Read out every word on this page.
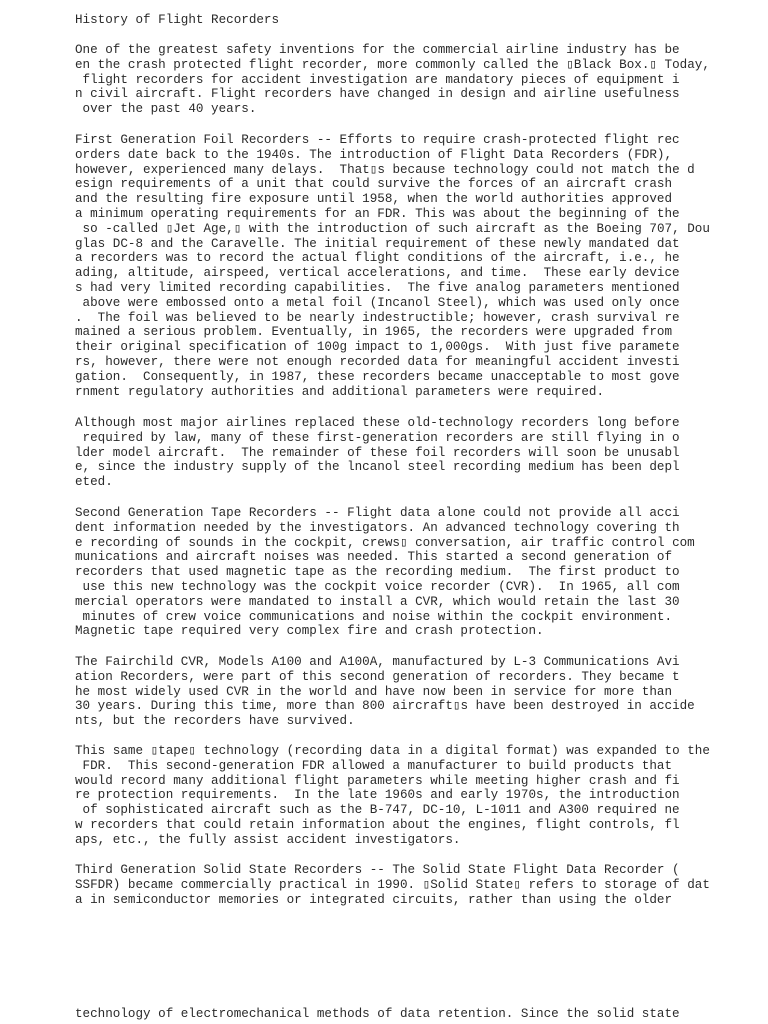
History of Flight Recorders
One of the greatest safety inventions for the commercial airline industry has be
en the crash protected flight recorder, more commonly called the ▯Black Box.▯ Today,
flight recorders for accident investigation are mandatory pieces of equipment i
n civil aircraft. Flight recorders have changed in design and airline usefulness
over the past 40 years.
First Generation Foil Recorders -- Efforts to require crash-protected flight rec
orders date back to the 1940s. The introduction of Flight Data Recorders (FDR),
however, experienced many delays.  That▯s because technology could not match the d
esign requirements of a unit that could survive the forces of an aircraft crash
and the resulting fire exposure until 1958, when the world authorities approved
a minimum operating requirements for an FDR. This was about the beginning of the
so -called ▯Jet Age,▯ with the introduction of such aircraft as the Boeing 707, Dou
glas DC-8 and the Caravelle. The initial requirement of these newly mandated dat
a recorders was to record the actual flight conditions of the aircraft, i.e., he
ading, altitude, airspeed, vertical accelerations, and time.  These early device
s had very limited recording capabilities.  The five analog parameters mentioned
above were embossed onto a metal foil (Incanol Steel), which was used only once
.  The foil was believed to be nearly indestructible; however, crash survival re
mained a serious problem. Eventually, in 1965, the recorders were upgraded from
their original specification of 100g impact to 1,000gs.  With just five paramete
rs, however, there were not enough recorded data for meaningful accident investi
gation.  Consequently, in 1987, these recorders became unacceptable to most gove
rnment regulatory authorities and additional parameters were required.
Although most major airlines replaced these old-technology recorders long before
required by law, many of these first-generation recorders are still flying in o
lder model aircraft.  The remainder of these foil recorders will soon be unusabl
e, since the industry supply of the lncanol steel recording medium has been depl
eted.
Second Generation Tape Recorders -- Flight data alone could not provide all acci
dent information needed by the investigators. An advanced technology covering th
e recording of sounds in the cockpit, crews▯ conversation, air traffic control com
munications and aircraft noises was needed. This started a second generation of
recorders that used magnetic tape as the recording medium.  The first product to
use this new technology was the cockpit voice recorder (CVR).  In 1965, all com
mercial operators were mandated to install a CVR, which would retain the last 30
minutes of crew voice communications and noise within the cockpit environment.
Magnetic tape required very complex fire and crash protection.
The Fairchild CVR, Models A100 and A100A, manufactured by L-3 Communications Avi
ation Recorders, were part of this second generation of recorders. They became t
he most widely used CVR in the world and have now been in service for more than
30 years. During this time, more than 800 aircraft▯s have been destroyed in accide
nts, but the recorders have survived.
This same ▯tape▯ technology (recording data in a digital format) was expanded to the
FDR.  This second-generation FDR allowed a manufacturer to build products that
would record many additional flight parameters while meeting higher crash and fi
re protection requirements.  In the late 1960s and early 1970s, the introduction
of sophisticated aircraft such as the B-747, DC-10, L-1011 and A300 required ne
w recorders that could retain information about the engines, flight controls, fl
aps, etc., the fully assist accident investigators.
Third Generation Solid State Recorders -- The Solid State Flight Data Recorder (
SSFDR) became commercially practical in 1990. ▯Solid State▯ refers to storage of dat
a in semiconductor memories or integrated circuits, rather than using the older
technology of electromechanical methods of data retention. Since the solid state
